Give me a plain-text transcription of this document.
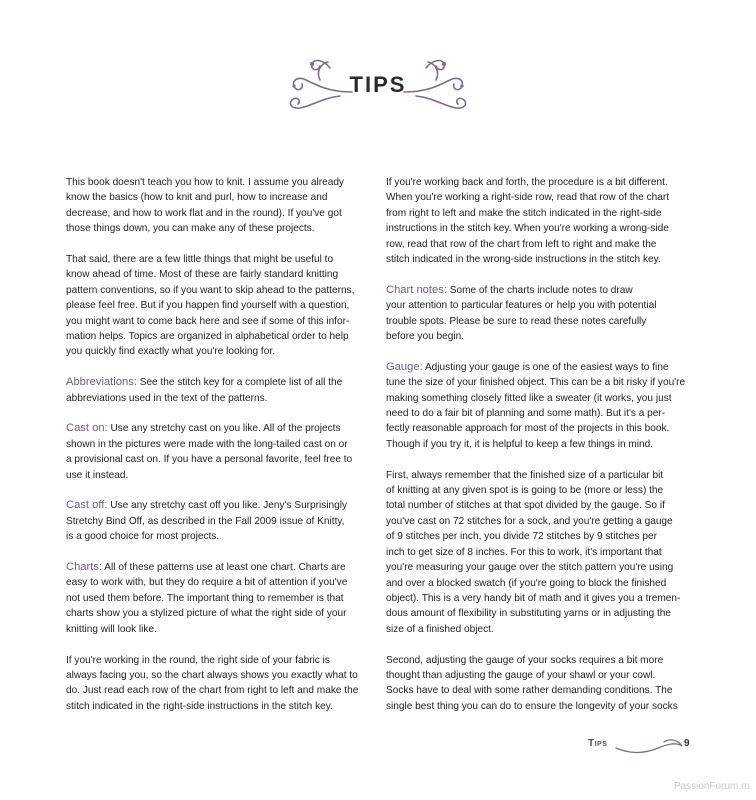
TIPS

This book doesn't teach you how to knit. I assume you already
know the basics (how to knit and purl, how to increase and
decrease, and how to work flat and in the round). If you've got
those things down, you can make any of these projects.

That said, there are a few little things that might be useful to
know ahead of time. Most of these are fairly standard knitting
pattern conventions, so if you want to skip ahead to the patterns,
please feel free. But if you happen find yourself with a question,
you might want to come back here and see if some of this infor-
mation helps. Topics are organized in alphabetical order to help
you quickly find exactly what you're looking for.

Abbreviations: See the stitch key for a complete list of all the
abbreviations used in the text of the patterns.

Cast on: Use any stretchy cast on you like. All of the projects
shown in the pictures were made with the long-tailed cast on or
a provisional cast on. If you have a personal favorite, feel free to
use it instead.

Cast off: Use any stretchy cast off you like. Jeny's Surprisingly
Stretchy Bind Off, as described in the Fall 2009 issue of Knitty,
is a good choice for most projects.

Charts: All of these patterns use at least one chart. Charts are
easy to work with, but they do require a bit of attention if you've
not used them before. The important thing to remember is that
charts show you a stylized picture of what the right side of your
knitting will look like.

If you're working in the round, the right side of your fabric is
always facing you, so the chart always shows you exactly what to
do. Just read each row of the chart from right to left and make the
stitch indicated in the right-side instructions in the stitch key.

If you're working back and forth, the procedure is a bit different.
When you're working a right-side row, read that row of the chart
from right to left and make the stitch indicated in the right-side
instructions in the stitch key. When you're working a wrong-side
row, read that row of the chart from left to right and make the
stitch indicated in the wrong-side instructions in the stitch key.

Chart notes: Some of the charts include notes to draw
your attention to particular features or help you with potential
trouble spots. Please be sure to read these notes carefully
before you begin.

Gauge: Adjusting your gauge is one of the easiest ways to fine
tune the size of your finished object. This can be a bit risky if you're
making something closely fitted like a sweater (it works, you just
need to do a fair bit of planning and some math). But it's a per-
fectly reasonable approach for most of the projects in this book.
Though if you try it, it is helpful to keep a few things in mind.

First, always remember that the finished size of a particular bit
of knitting at any given spot is is going to be (more or less) the
total number of stitches at that spot divided by the gauge. So if
you've cast on 72 stitches for a sock, and you're getting a gauge
of 9 stitches per inch, you divide 72 stitches by 9 stitches per
inch to get size of 8 inches. For this to work, it's important that
you're measuring your gauge over the stitch pattern you're using
and over a blocked swatch (if you're going to block the finished
object). This is a very handy bit of math and it gives you a tremen-
dous amount of flexibility in substituting yarns or in adjusting the
size of a finished object.

Second, adjusting the gauge of your socks requires a bit more
thought than adjusting the gauge of your shawl or your cowl.
Socks have to deal with some rather demanding conditions. The
single best thing you can do to ensure the longevity of your socks

Tips	9
PassionForum.ru
